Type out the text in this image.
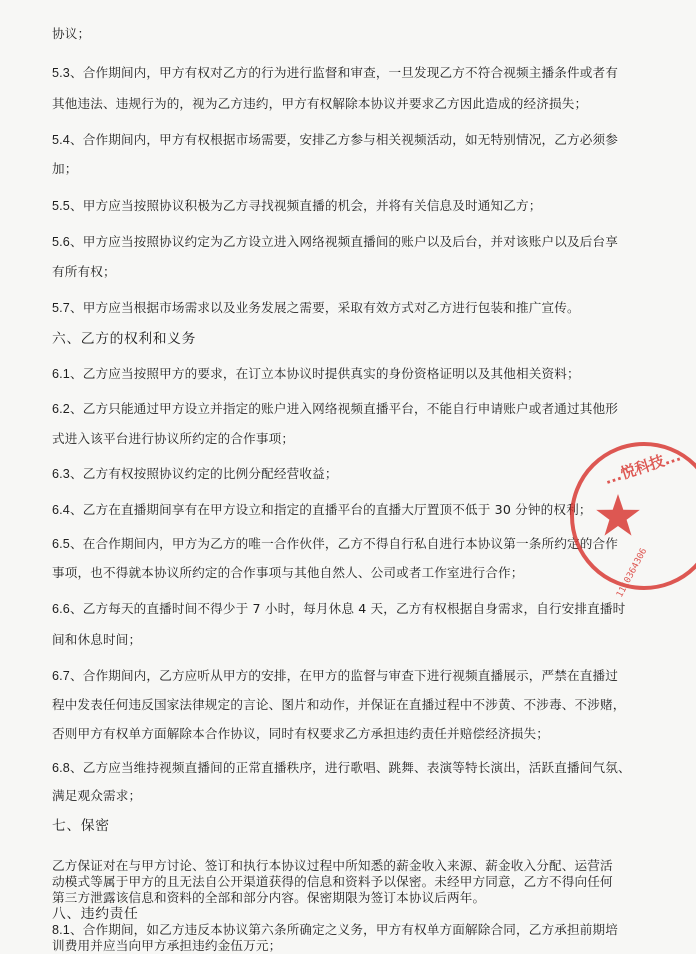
协议；

5.3、合作期间内，甲方有权对乙方的行为进行监督和审查，一旦发现乙方不符合视频主播条件或者有

其他违法、违规行为的，视为乙方违约，甲方有权解除本协议并要求乙方因此造成的经济损失；

5.4、合作期间内，甲方有权根据市场需要，安排乙方参与相关视频活动，如无特别情况，乙方必须参

加；

5.5、甲方应当按照协议积极为乙方寻找视频直播的机会，并将有关信息及时通知乙方；

5.6、甲方应当按照协议约定为乙方设立进入网络视频直播间的账户以及后台，并对该账户以及后台享

有所有权；

5.7、甲方应当根据市场需求以及业务发展之需要，采取有效方式对乙方进行包装和推广宣传。

六、乙方的权利和义务

6.1、乙方应当按照甲方的要求，在订立本协议时提供真实的身份资格证明以及其他相关资料；

6.2、乙方只能通过甲方设立并指定的账户进入网络视频直播平台，不能自行申请账户或者通过其他形

式进入该平台进行协议所约定的合作事项；

6.3、乙方有权按照协议约定的比例分配经营收益；

6.4、乙方在直播期间享有在甲方设立和指定的直播平台的直播大厅置顶不低于 30 分钟的权利；

6.5、在合作期间内，甲方为乙方的唯一合作伙伴，乙方不得自行私自进行本协议第一条所约定的合作

事项，也不得就本协议所约定的合作事项与其他自然人、公司或者工作室进行合作；

6.6、乙方每天的直播时间不得少于 7 小时，每月休息 4 天，乙方有权根据自身需求，自行安排直播时

间和休息时间；

6.7、合作期间内，乙方应听从甲方的安排，在甲方的监督与审查下进行视频直播展示，严禁在直播过

程中发表任何违反国家法律规定的言论、图片和动作，并保证在直播过程中不涉黄、不涉毒、不涉赌，

否则甲方有权单方面解除本合作协议，同时有权要求乙方承担违约责任并赔偿经济损失；

6.8、乙方应当维持视频直播间的正常直播秩序，进行歌唱、跳舞、表演等特长演出，活跃直播间气氛、

满足观众需求；

七、保密

乙方保证对在与甲方讨论、签订和执行本协议过程中所知悉的薪金收入来源、薪金收入分配、运营活

动模式等属于甲方的且无法自公开渠道获得的信息和资料予以保密。未经甲方同意，乙方不得向任何

第三方泄露该信息和资料的全部和部分内容。保密期限为签订本协议后两年。

八、违约责任

8.1、合作期间，如乙方违反本协议第六条所确定之义务，甲方有权单方面解除合同，乙方承担前期培

训费用并应当向甲方承担违约金伍万元；

...悦科技...
1110364306
